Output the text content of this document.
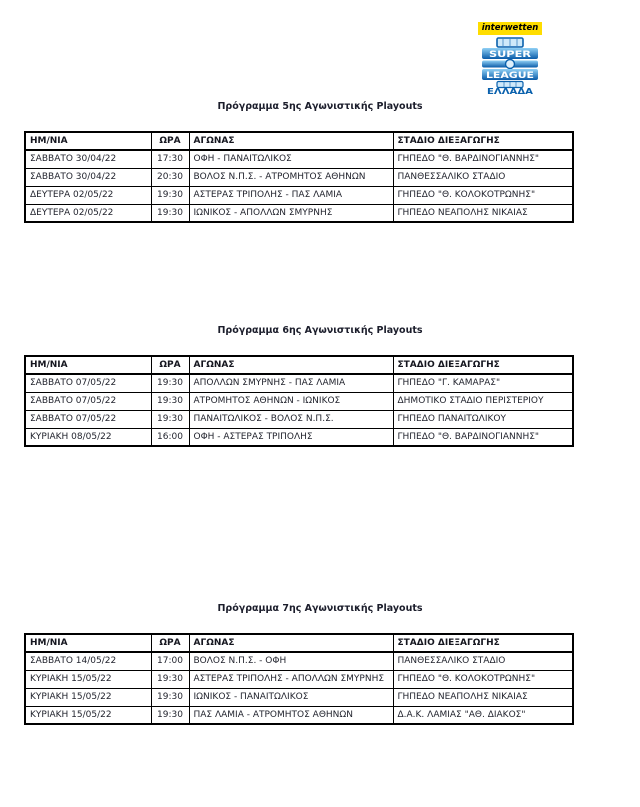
interwetten
SUPER
LEAGUE
ΕΛΛΑΔΑ
Πρόγραμμα 5ης Αγωνιστικής Playouts
ΗΜ/ΝΙΑ	ΩΡΑ	ΑΓΩΝΑΣ	ΣΤΑΔΙΟ ΔΙΕΞΑΓΩΓΗΣ
ΣΑΒΒΑΤΟ 30/04/22	17:30	ΟΦΗ - ΠΑΝΑΙΤΩΛΙΚΟΣ	ΓΗΠΕΔΟ "Θ. ΒΑΡΔΙΝΟΓΙΑΝΝΗΣ"
ΣΑΒΒΑΤΟ 30/04/22	20:30	ΒΟΛΟΣ Ν.Π.Σ. - ΑΤΡΟΜΗΤΟΣ ΑΘΗΝΩΝ	ΠΑΝΘΕΣΣΑΛΙΚΟ ΣΤΑΔΙΟ
ΔΕΥΤΕΡΑ 02/05/22	19:30	ΑΣΤΕΡΑΣ ΤΡΙΠΟΛΗΣ - ΠΑΣ ΛΑΜΙΑ	ΓΗΠΕΔΟ "Θ. ΚΟΛΟΚΟΤΡΩΝΗΣ"
ΔΕΥΤΕΡΑ 02/05/22	19:30	ΙΩΝΙΚΟΣ - ΑΠΟΛΛΩΝ ΣΜΥΡΝΗΣ	ΓΗΠΕΔΟ ΝΕΑΠΟΛΗΣ ΝΙΚΑΙΑΣ
Πρόγραμμα 6ης Αγωνιστικής Playouts
ΗΜ/ΝΙΑ	ΩΡΑ	ΑΓΩΝΑΣ	ΣΤΑΔΙΟ ΔΙΕΞΑΓΩΓΗΣ
ΣΑΒΒΑΤΟ 07/05/22	19:30	ΑΠΟΛΛΩΝ ΣΜΥΡΝΗΣ - ΠΑΣ ΛΑΜΙΑ	ΓΗΠΕΔΟ "Γ. ΚΑΜΑΡΑΣ"
ΣΑΒΒΑΤΟ 07/05/22	19:30	ΑΤΡΟΜΗΤΟΣ ΑΘΗΝΩΝ - ΙΩΝΙΚΟΣ	ΔΗΜΟΤΙΚΟ ΣΤΑΔΙΟ ΠΕΡΙΣΤΕΡΙΟΥ
ΣΑΒΒΑΤΟ 07/05/22	19:30	ΠΑΝΑΙΤΩΛΙΚΟΣ - ΒΟΛΟΣ Ν.Π.Σ.	ΓΗΠΕΔΟ ΠΑΝΑΙΤΩΛΙΚΟΥ
ΚΥΡΙΑΚΗ 08/05/22	16:00	ΟΦΗ - ΑΣΤΕΡΑΣ ΤΡΙΠΟΛΗΣ	ΓΗΠΕΔΟ "Θ. ΒΑΡΔΙΝΟΓΙΑΝΝΗΣ"
Πρόγραμμα 7ης Αγωνιστικής Playouts
ΗΜ/ΝΙΑ	ΩΡΑ	ΑΓΩΝΑΣ	ΣΤΑΔΙΟ ΔΙΕΞΑΓΩΓΗΣ
ΣΑΒΒΑΤΟ 14/05/22	17:00	ΒΟΛΟΣ Ν.Π.Σ. - ΟΦΗ	ΠΑΝΘΕΣΣΑΛΙΚΟ ΣΤΑΔΙΟ
ΚΥΡΙΑΚΗ 15/05/22	19:30	ΑΣΤΕΡΑΣ ΤΡΙΠΟΛΗΣ - ΑΠΟΛΛΩΝ ΣΜΥΡΝΗΣ	ΓΗΠΕΔΟ "Θ. ΚΟΛΟΚΟΤΡΩΝΗΣ"
ΚΥΡΙΑΚΗ 15/05/22	19:30	ΙΩΝΙΚΟΣ - ΠΑΝΑΙΤΩΛΙΚΟΣ	ΓΗΠΕΔΟ ΝΕΑΠΟΛΗΣ ΝΙΚΑΙΑΣ
ΚΥΡΙΑΚΗ 15/05/22	19:30	ΠΑΣ ΛΑΜΙΑ - ΑΤΡΟΜΗΤΟΣ ΑΘΗΝΩΝ	Δ.Α.Κ. ΛΑΜΙΑΣ "ΑΘ. ΔΙΑΚΟΣ"
